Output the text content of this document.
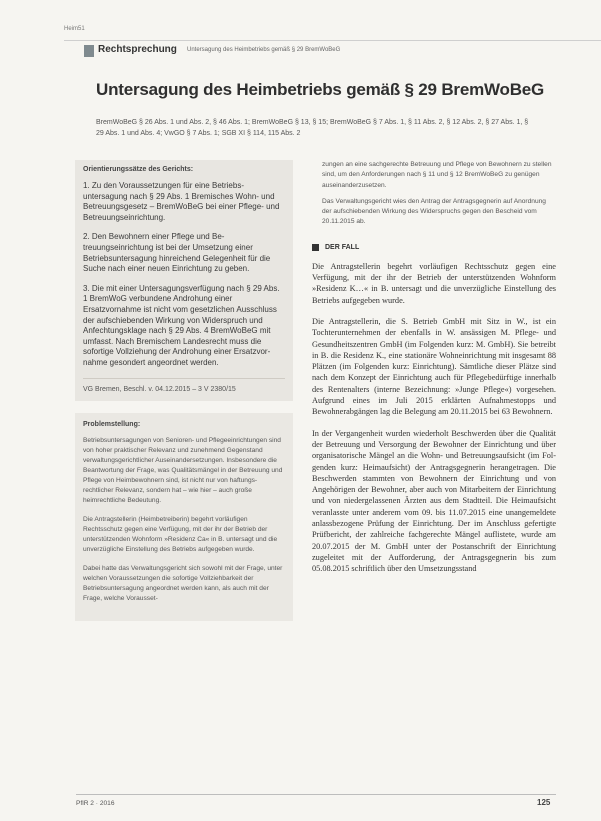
Heim51
Rechtsprechung Untersagung des Heimbetriebs gemäß § 29 BremWoBeG
Untersagung des Heimbetriebs gemäß § 29 BremWoBeG
BremWoBeG § 26 Abs. 1 und Abs. 2, § 46 Abs. 1; BremWoBeG § 13, § 15; BremWoBeG § 7 Abs. 1, § 11 Abs. 2, § 12 Abs. 2, § 27 Abs. 1, § 29 Abs. 1 und Abs. 4; VwGO § 7 Abs. 1; SGB XI § 114, 115 Abs. 2
Orientierungssätze des Gerichts:
1. Zu den Voraussetzungen für eine Betriebsuntersagung nach § 29 Abs. 1 Bremisches Wohn- und Betreuungsgesetz – BremWoBeG bei einer Pflege- und Betreuungseinrichtung.
2. Den Bewohnern einer Pflege und Betreuungseinrichtung ist bei der Umsetzung einer Betriebsuntersagung hinreichend Gelegenheit für die Suche nach einer neuen Einrichtung zu geben.
3. Die mit einer Untersagungsverfügung nach § 29 Abs. 1 BremWoG verbundene Androhung einer Ersatzvornahme ist nicht vom gesetzlichen Ausschluss der aufschiebenden Wirkung von Widerspruch und Anfechtungsklage nach § 29 Abs. 4 BremWoBeG mit umfasst. Nach Bremischem Landesrecht muss die sofortige Vollziehung der Androhung einer Ersatzvornahme gesondert angeordnet werden.
VG Bremen, Beschl. v. 04.12.2015 – 3 V 2380/15
Problemstellung:
Betriebsuntersagungen von Senioren- und Pflegeeinrichtungen sind von hoher praktischer Relevanz und zunehmend Gegenstand verwaltungsgerichtlicher Auseinandersetzungen. Insbesondere die Beantwortung der Frage, was Qualitätsmängel in der Betreuung und Pflege von Heimbewohnern sind, ist nicht nur von haftungsrechtlicher Relevanz, sondern hat – wie hier – auch große heimrechtliche Bedeutung.
Die Antragstellerin (Heimbetreiberin) begehrt vorläufigen Rechtsschutz gegen eine Verfügung, mit der ihr der Betrieb der unterstützenden Wohnform »Residenz Ca« in B. untersagt und die unverzügliche Einstellung des Betriebs aufgegeben wurde.
Dabei hatte das Verwaltungsgericht sich sowohl mit der Frage, unter welchen Voraussetzungen die sofortige Vollziehbarkeit der Betriebsuntersagung angeordnet werden kann, als auch mit der Frage, welche Vorausset-
zungen an eine sachgerechte Betreuung und Pflege von Bewohnern zu stellen sind, um den Anforderungen nach § 11 und § 12 BremWoBeG zu genügen auseinanderzusetzen.
Das Verwaltungsgericht wies den Antrag der Antragsgegnerin auf Anordnung der aufschiebenden Wirkung des Widerspruchs gegen den Bescheid vom 20.11.2015 ab.
DER FALL
Die Antragstellerin begehrt vorläufigen Rechtsschutz gegen eine Verfügung, mit der ihr der Betrieb der unterstützenden Wohnform »Residenz K…« in B. untersagt und die unverzügliche Einstellung des Betriebs aufgegeben wurde.
Die Antragstellerin, die S. Betrieb GmbH mit Sitz in W., ist ein Tochterunternehmen der ebenfalls in W. ansässigen M. Pflege- und Gesundheitszentren GmbH (im Folgenden kurz: M. GmbH). Sie betreibt in B. die Residenz K., eine stationäre Wohneinrichtung mit insgesamt 88 Plätzen (im Folgenden kurz: Einrichtung). Sämtliche dieser Plätze sind nach dem Konzept der Einrichtung auch für Pflegebedürftige innerhalb des Rentenalters (interne Bezeichnung: »Junge Pflege«) vorgesehen. Aufgrund eines im Juli 2015 erklärten Aufnahmestopps und Bewohnerabgängen lag die Belegung am 20.11.2015 bei 63 Bewohnern.
In der Vergangenheit wurden wiederholt Beschwerden über die Qualität der Betreuung und Versorgung der Bewohner der Einrichtung und über organisatorische Mängel an die Wohn- und Betreuungsaufsicht (im Folgenden kurz: Heimaufsicht) der Antragsgegnerin herangetragen. Die Beschwerden stammten von Bewohnern der Einrichtung und von Angehörigen der Bewohner, aber auch von Mitarbeitern der Einrichtung und von niedergelassenen Ärzten aus dem Stadtteil. Die Heimaufsicht veranlasste unter anderem vom 09. bis 11.07.2015 eine unangemeldete anlassbezogene Prüfung der Einrichtung. Der im Anschluss gefertigte Prüfbericht, der zahlreiche fachgerechte Mängel auflistete, wurde am 20.07.2015 der M. GmbH unter der Postanschrift der Einrichtung zugeleitet mit der Aufforderung, der Antragsgegnerin bis zum 05.08.2015 schriftlich über den Umsetzungsstand
PflR 2 · 2016	125
